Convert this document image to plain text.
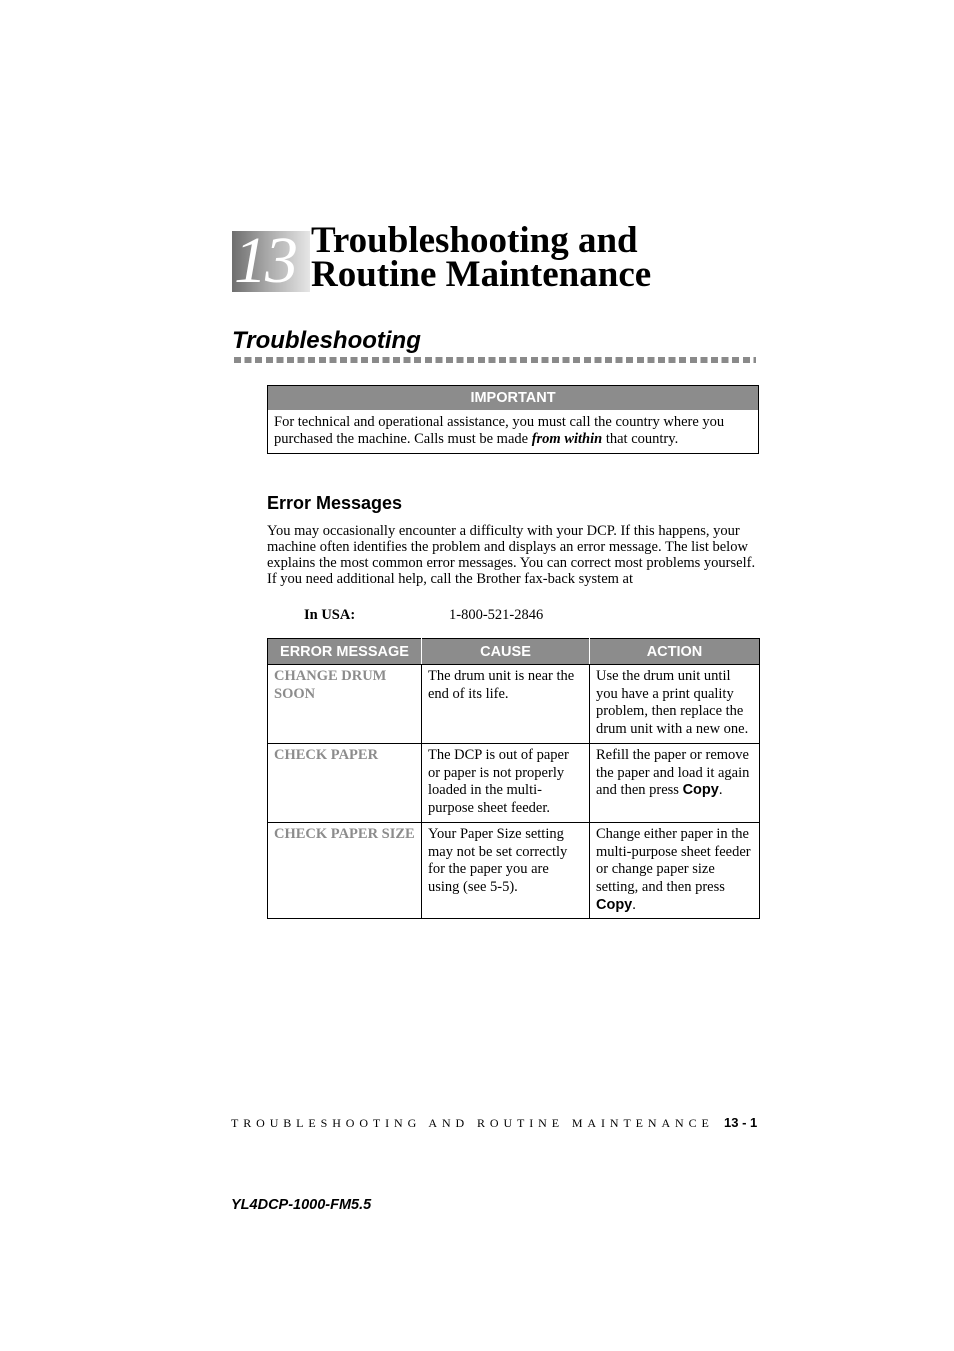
13 Troubleshooting and
Routine Maintenance
Troubleshooting
IMPORTANT
For technical and operational assistance, you must call the country where you purchased the machine. Calls must be made from within that country.
Error Messages

You may occasionally encounter a difficulty with your DCP. If this happens, your machine often identifies the problem and displays an error message. The list below explains the most common error messages. You can correct most problems yourself. If you need additional help, call the Brother fax-back system at

In USA:	1-800-521-2846
ERROR MESSAGE	CAUSE	ACTION
CHANGE DRUM SOON	The drum unit is near the end of its life.	Use the drum unit until you have a print quality problem, then replace the drum unit with a new one.
CHECK PAPER	The DCP is out of paper or paper is not properly loaded in the multi-purpose sheet feeder.	Refill the paper or remove the paper and load it again and then press Copy.
CHECK PAPER SIZE	Your Paper Size setting may not be set correctly for the paper you are using (see 5-5).	Change either paper in the multi-purpose sheet feeder or change paper size setting, and then press Copy.
TROUBLESHOOTING AND ROUTINE MAINTENANCE 13 - 1
YL4DCP-1000-FM5.5
